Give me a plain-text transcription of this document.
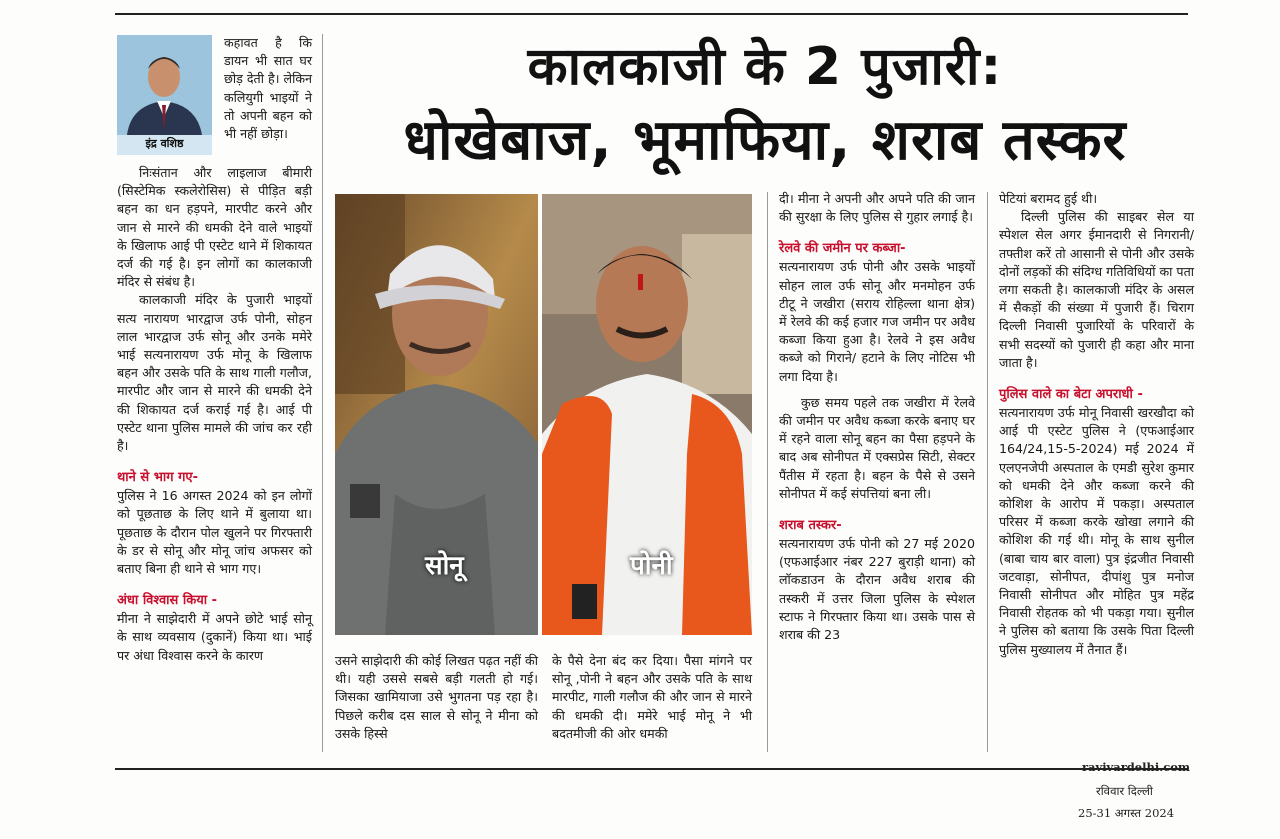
कालकाजी के 2 पुजारी:
धोखेबाज, भूमाफिया, शराब तस्कर
इंद्र वशिष्ठ

कहावत है कि डायन भी सात घर छोड़ देती है। लेकिन कलियुगी भाइयों ने तो अपनी बहन को भी नहीं छोड़ा।

निःसंतान और लाइलाज बीमारी (सिस्टेमिक स्कलेरोसिस) से पीड़ित बड़ी बहन का धन हड़पने, मारपीट करने और जान से मारने की धमकी देने वाले भाइयों के खिलाफ आई पी एस्टेट थाने में शिकायत दर्ज की गई है। इन लोगों का कालकाजी मंदिर से संबंध है।

कालकाजी मंदिर के पुजारी भाइयों सत्य नारायण भारद्वाज उर्फ पोनी, सोहन लाल भारद्वाज उर्फ सोनू और उनके ममेरे भाई सत्यनारायण उर्फ मोनू के खिलाफ बहन और उसके पति के साथ गाली गलौज, मारपीट और जान से मारने की धमकी देने की शिकायत दर्ज कराई गई है। आई पी एस्टेट थाना पुलिस मामले की जांच कर रही है।

थाने से भाग गए-

पुलिस ने 16 अगस्त 2024 को इन लोगों को पूछताछ के लिए थाने में बुलाया था। पूछताछ के दौरान पोल खुलने पर गिरफ्तारी के डर से सोनू और मोनू जांच अफसर को बताए बिना ही थाने से भाग गए।

अंधा विश्वास किया -

मीना ने साझेदारी में अपने छोटे भाई सोनू के साथ व्यवसाय (दुकानें) किया था। भाई पर अंधा विश्वास करने के कारण

सोनू	पोनी

उसने साझेदारी की कोई लिखत पढ़त नहीं की थी। यही उससे सबसे बड़ी गलती हो गई। जिसका खामियाजा उसे भुगतना पड़ रहा है। पिछले करीब दस साल से सोनू ने मीना को उसके हिस्से

के पैसे देना बंद कर दिया। पैसा मांगने पर सोनू ,पोनी ने बहन और उसके पति के साथ मारपीट, गाली गलौज की और जान से मारने की धमकी दी। ममेरे भाई मोनू ने भी बदतमीजी की ओर धमकी

दी। मीना ने अपनी और अपने पति की जान की सुरक्षा के लिए पुलिस से गुहार लगाई है।

रेलवे की जमीन पर कब्जा-

सत्यनारायण उर्फ पोनी और उसके भाइयों सोहन लाल उर्फ सोनू और मनमोहन उर्फ टीटू ने जखीरा (सराय रोहिल्ला थाना क्षेत्र) में रेलवे की कई हजार गज जमीन पर अवैध कब्जा किया हुआ है। रेलवे ने इस अवैध कब्जे को गिराने/ हटाने के लिए नोटिस भी लगा दिया है।

कुछ समय पहले तक जखीरा में रेलवे की जमीन पर अवैध कब्जा करके बनाए घर में रहने वाला सोनू बहन का पैसा हड़पने के बाद अब सोनीपत में एक्सप्रेस सिटी, सेक्टर पैंतीस में रहता है। बहन के पैसे से उसने सोनीपत में कई संपत्तियां बना ली।

शराब तस्कर-

सत्यनारायण उर्फ पोनी को 27 मई 2020 (एफआईआर नंबर 227 बुराड़ी थाना) को लॉकडाउन के दौरान अवैध शराब की तस्करी में उत्तर जिला पुलिस के स्पेशल स्टाफ ने गिरफ्तार किया था। उसके पास से शराब की 23

पेटियां बरामद हुई थी।

दिल्ली पुलिस की साइबर सेल या स्पेशल सेल अगर ईमानदारी से निगरानी/ तफ्तीश करें तो आसानी से पोनी और उसके दोनों लड़कों की संदिग्ध गतिविधियों का पता लगा सकती है। कालकाजी मंदिर के असल में सैकड़ों की संख्या में पुजारी हैं। चिराग दिल्ली निवासी पुजारियों के परिवारों के सभी सदस्यों को पुजारी ही कहा और माना जाता है।

पुलिस वाले का बेटा अपराधी -

सत्यनारायण उर्फ मोनू निवासी खरखौदा को आई पी एस्टेट पुलिस ने (एफआईआर 164/24,15-5-2024) मई 2024 में एलएनजेपी अस्पताल के एमडी सुरेश कुमार को धमकी देने और कब्जा करने की कोशिश के आरोप में पकड़ा। अस्पताल परिसर में कब्जा करके खोखा लगाने की कोशिश की गई थी। मोनू के साथ सुनील (बाबा चाय बार वाला) पुत्र इंद्रजीत निवासी जटवाड़ा, सोनीपत, दीपांशु पुत्र मनोज निवासी सोनीपत और मोहित पुत्र महेंद्र निवासी रोहतक को भी पकड़ा गया। सुनील ने पुलिस को बताया कि उसके पिता दिल्ली पुलिस मुख्यालय में तैनात हैं।

ravivardelhi.com
रविवार दिल्ली
25-31 अगस्त 2024
